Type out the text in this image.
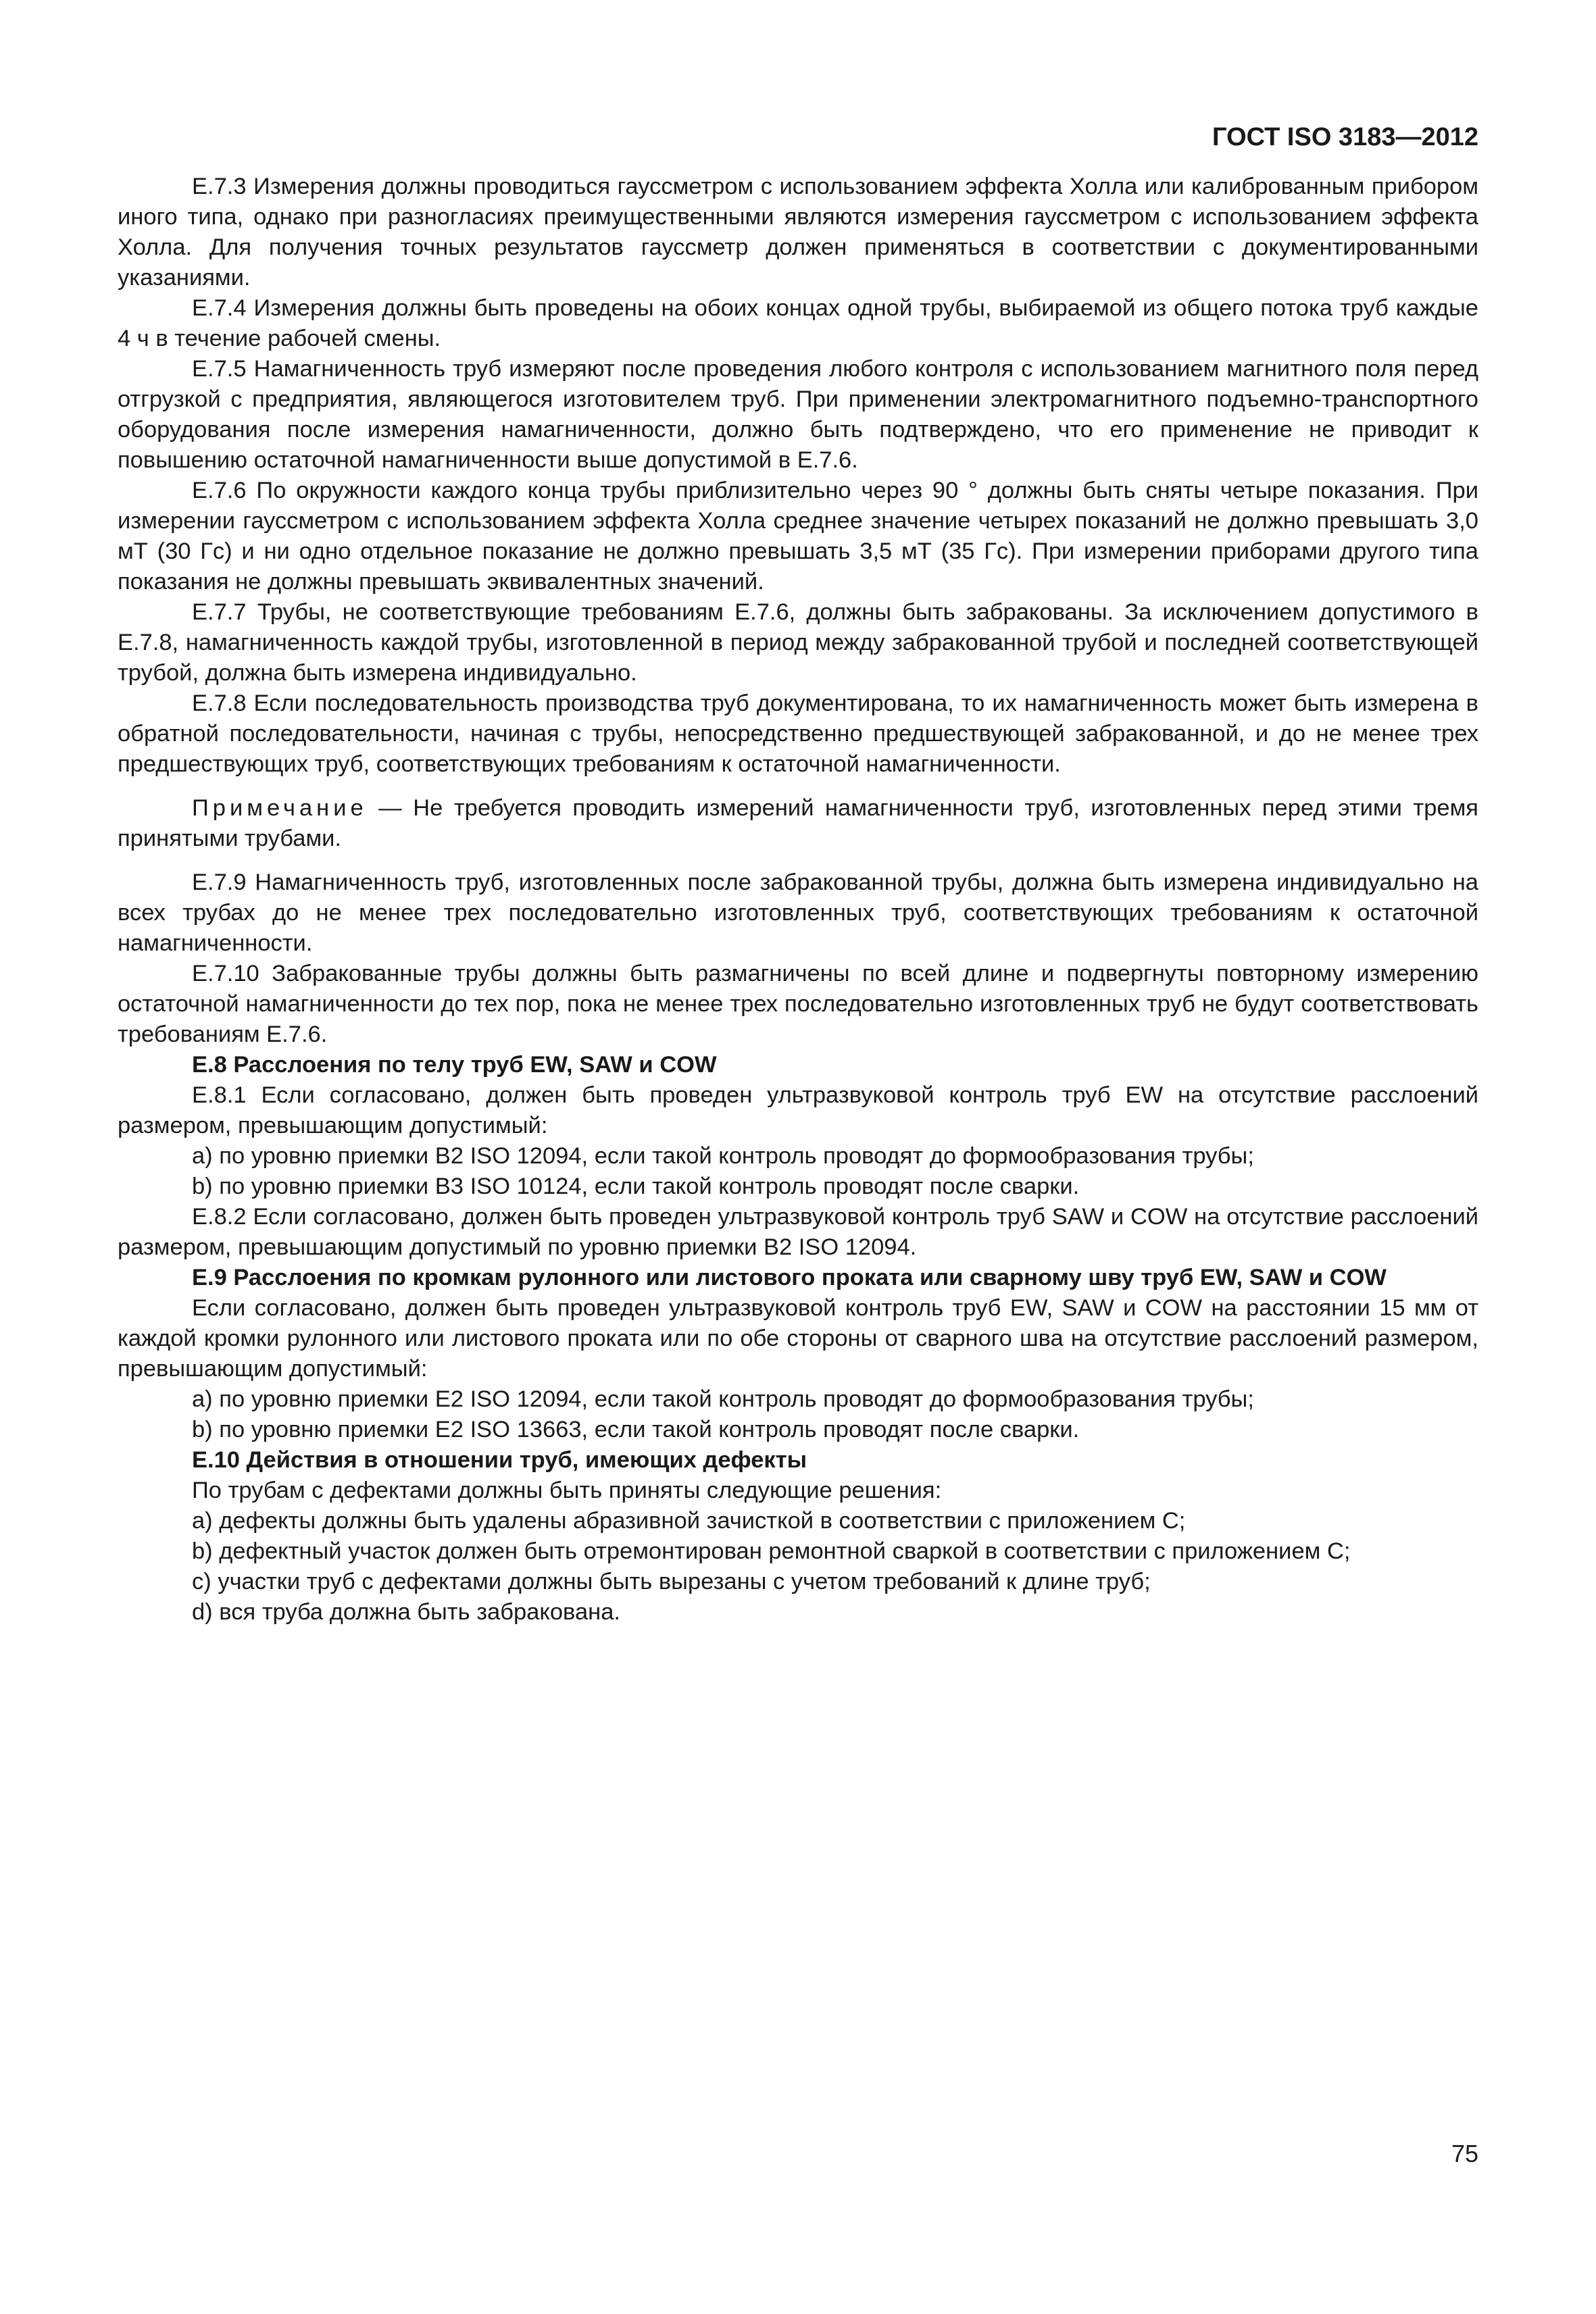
ГОСТ ISO 3183—2012

E.7.3 Измерения должны проводиться гауссметром с использованием эффекта Холла или калиброванным прибором иного типа, однако при разногласиях преимущественными являются измерения гауссметром с использованием эффекта Холла. Для получения точных результатов гауссметр должен применяться в соответствии с документированными указаниями.

E.7.4 Измерения должны быть проведены на обоих концах одной трубы, выбираемой из общего потока труб каждые 4 ч в течение рабочей смены.

E.7.5 Намагниченность труб измеряют после проведения любого контроля с использованием магнитного поля перед отгрузкой с предприятия, являющегося изготовителем труб. При применении электромагнитного подъемно-транспортного оборудования после измерения намагниченности, должно быть подтверждено, что его применение не приводит к повышению остаточной намагниченности выше допустимой в E.7.6.

E.7.6 По окружности каждого конца трубы приблизительно через 90 ° должны быть сняты четыре показания. При измерении гауссметром с использованием эффекта Холла среднее значение четырех показаний не должно превышать 3,0 мТ (30 Гс) и ни одно отдельное показание не должно превышать 3,5 мТ (35 Гс). При измерении приборами другого типа показания не должны превышать эквивалентных значений.

E.7.7 Трубы, не соответствующие требованиям E.7.6, должны быть забракованы. За исключением допустимого в E.7.8, намагниченность каждой трубы, изготовленной в период между забракованной трубой и последней соответствующей трубой, должна быть измерена индивидуально.

E.7.8 Если последовательность производства труб документирована, то их намагниченность может быть измерена в обратной последовательности, начиная с трубы, непосредственно предшествующей забракованной, и до не менее трех предшествующих труб, соответствующих требованиям к остаточной намагниченности.

Примечание — Не требуется проводить измерений намагниченности труб, изготовленных перед этими тремя принятыми трубами.

E.7.9 Намагниченность труб, изготовленных после забракованной трубы, должна быть измерена индивидуально на всех трубах до не менее трех последовательно изготовленных труб, соответствующих требованиям к остаточной намагниченности.

E.7.10 Забракованные трубы должны быть размагничены по всей длине и подвергнуты повторному измерению остаточной намагниченности до тех пор, пока не менее трех последовательно изготовленных труб не будут соответствовать требованиям E.7.6.

E.8 Расслоения по телу труб EW, SAW и COW

E.8.1 Если согласовано, должен быть проведен ультразвуковой контроль труб EW на отсутствие расслоений размером, превышающим допустимый:

a) по уровню приемки B2 ISO 12094, если такой контроль проводят до формообразования трубы;

b) по уровню приемки B3 ISO 10124, если такой контроль проводят после сварки.

E.8.2 Если согласовано, должен быть проведен ультразвуковой контроль труб SAW и COW на отсутствие расслоений размером, превышающим допустимый по уровню приемки B2 ISO 12094.

E.9 Расслоения по кромкам рулонного или листового проката или сварному шву труб EW, SAW и COW

Если согласовано, должен быть проведен ультразвуковой контроль труб EW, SAW и COW на расстоянии 15 мм от каждой кромки рулонного или листового проката или по обе стороны от сварного шва на отсутствие расслоений размером, превышающим допустимый:

a) по уровню приемки E2 ISO 12094, если такой контроль проводят до формообразования трубы;

b) по уровню приемки E2 ISO 13663, если такой контроль проводят после сварки.

E.10 Действия в отношении труб, имеющих дефекты

По трубам с дефектами должны быть приняты следующие решения:

a) дефекты должны быть удалены абразивной зачисткой в соответствии с приложением C;

b) дефектный участок должен быть отремонтирован ремонтной сваркой в соответствии с приложением C;

c) участки труб с дефектами должны быть вырезаны с учетом требований к длине труб;

d) вся труба должна быть забракована.

75
